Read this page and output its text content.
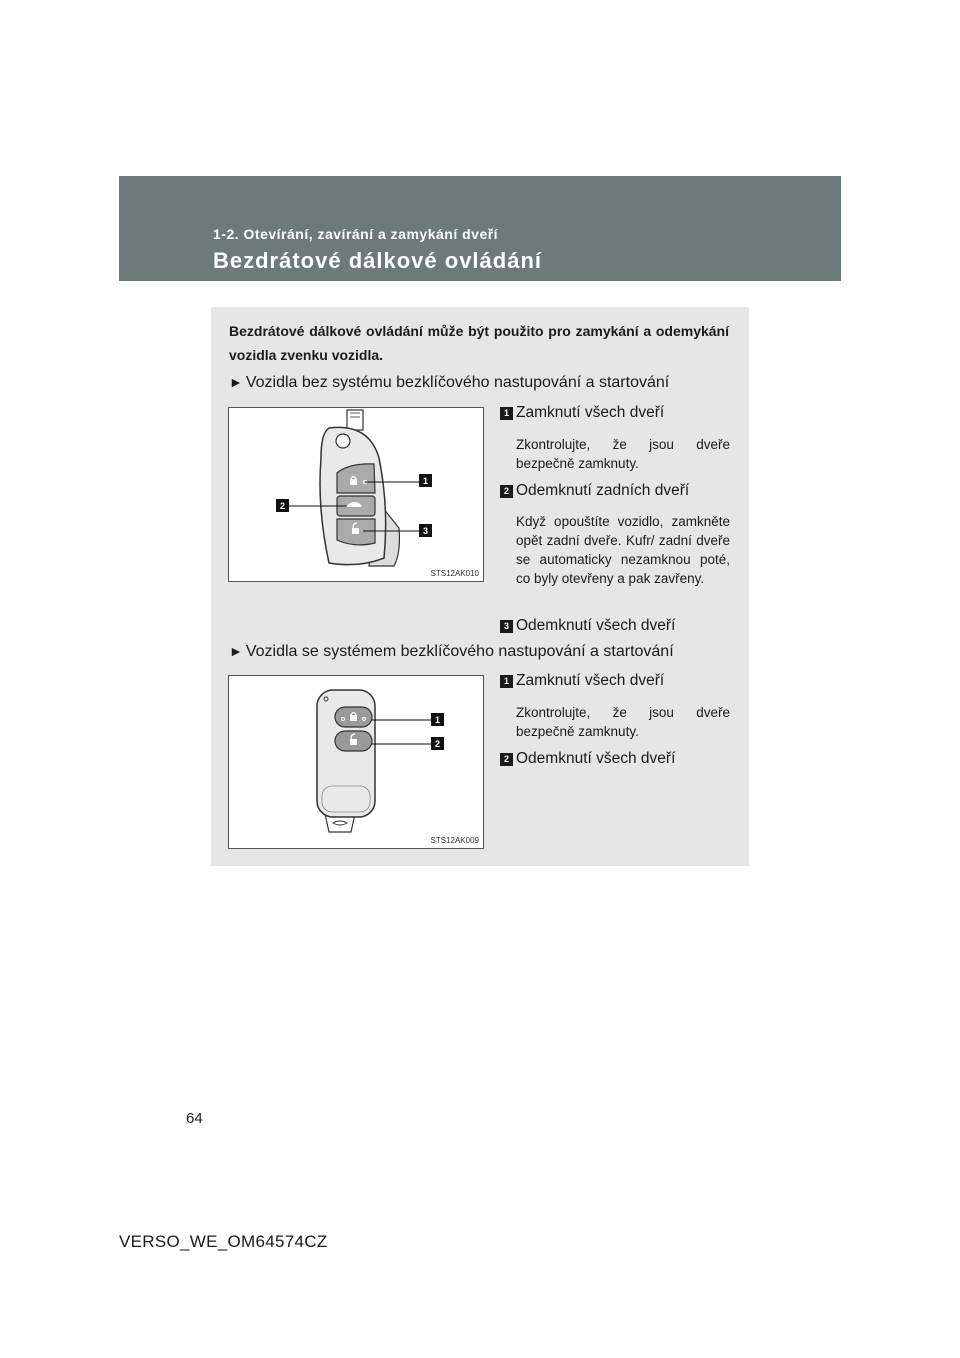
1-2. Otevírání, zavírání a zamykání dveří
Bezdrátové dálkové ovládání
Bezdrátové dálkové ovládání může být použito pro zamykání a odemykání vozidla zvenku vozidla.
► Vozidla bez systému bezklíčového nastupování a startování
1
2
3
STS12AK010
1 Zamknutí všech dveří
Zkontrolujte, že jsou dveře bezpečně zamknuty.
2 Odemknutí zadních dveří
Když opouštíte vozidlo, zamkněte opět zadní dveře. Kufr/ zadní dveře se automaticky nezamknou poté, co byly otevřeny a pak zavřeny.
3 Odemknutí všech dveří
► Vozidla se systémem bezklíčového nastupování a startování
1
2
STS12AK009
1 Zamknutí všech dveří
Zkontrolujte, že jsou dveře bezpečně zamknuty.
2 Odemknutí všech dveří
64
VERSO_WE_OM64574CZ
